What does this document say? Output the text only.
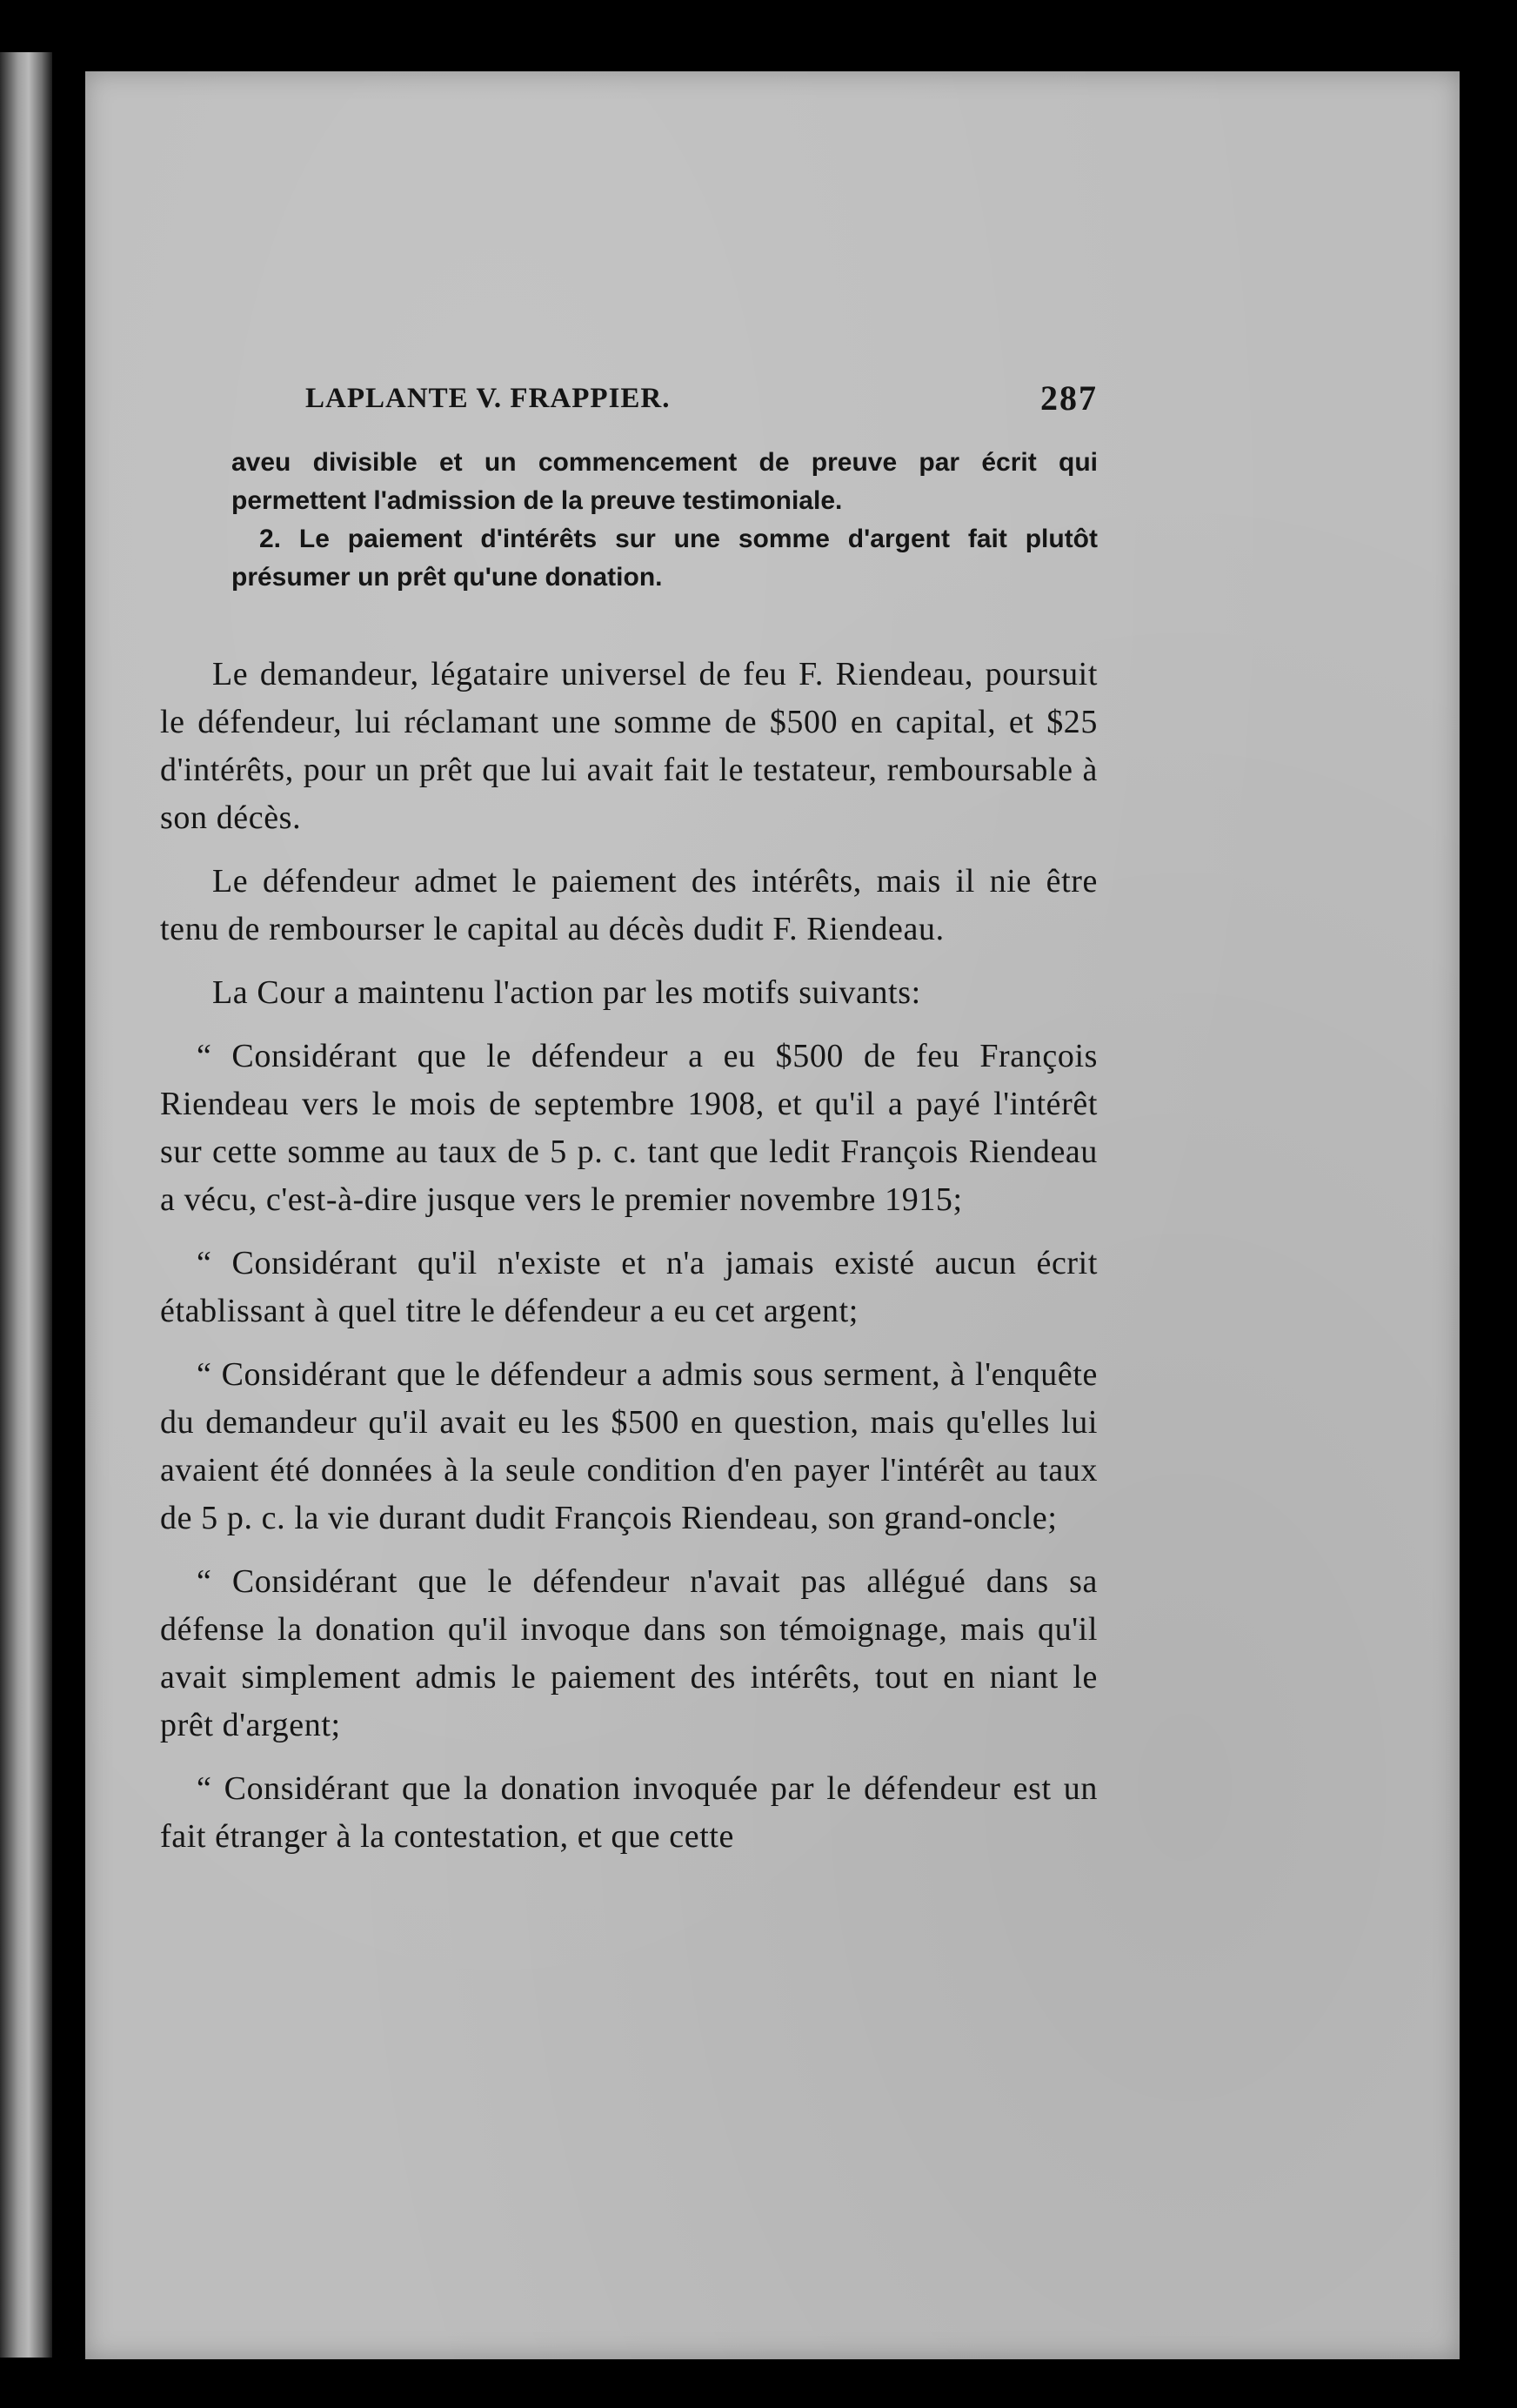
LAPLANTE V. FRAPPIER.	287

aveu divisible et un commencement de preuve par écrit qui permettent l'admission de la preuve testimoniale.

2. Le paiement d'intérêts sur une somme d'argent fait plutôt présumer un prêt qu'une donation.

Le demandeur, légataire universel de feu F. Riendeau, poursuit le défendeur, lui réclamant une somme de $500 en capital, et $25 d'intérêts, pour un prêt que lui avait fait le testateur, remboursable à son décès.

Le défendeur admet le paiement des intérêts, mais il nie être tenu de rembourser le capital au décès dudit F. Riendeau.

La Cour a maintenu l'action par les motifs suivants:

“ Considérant que le défendeur a eu $500 de feu François Riendeau vers le mois de septembre 1908, et qu'il a payé l'intérêt sur cette somme au taux de 5 p. c. tant que ledit François Riendeau a vécu, c'est-à-dire jusque vers le premier novembre 1915;

“ Considérant qu'il n'existe et n'a jamais existé aucun écrit établissant à quel titre le défendeur a eu cet argent;

“ Considérant que le défendeur a admis sous serment, à l'enquête du demandeur qu'il avait eu les $500 en question, mais qu'elles lui avaient été données à la seule condition d'en payer l'intérêt au taux de 5 p. c. la vie durant dudit François Riendeau, son grand-oncle;

“ Considérant que le défendeur n'avait pas allégué dans sa défense la donation qu'il invoque dans son témoignage, mais qu'il avait simplement admis le paiement des intérêts, tout en niant le prêt d'argent;

“ Considérant que la donation invoquée par le défendeur est un fait étranger à la contestation, et que cette
